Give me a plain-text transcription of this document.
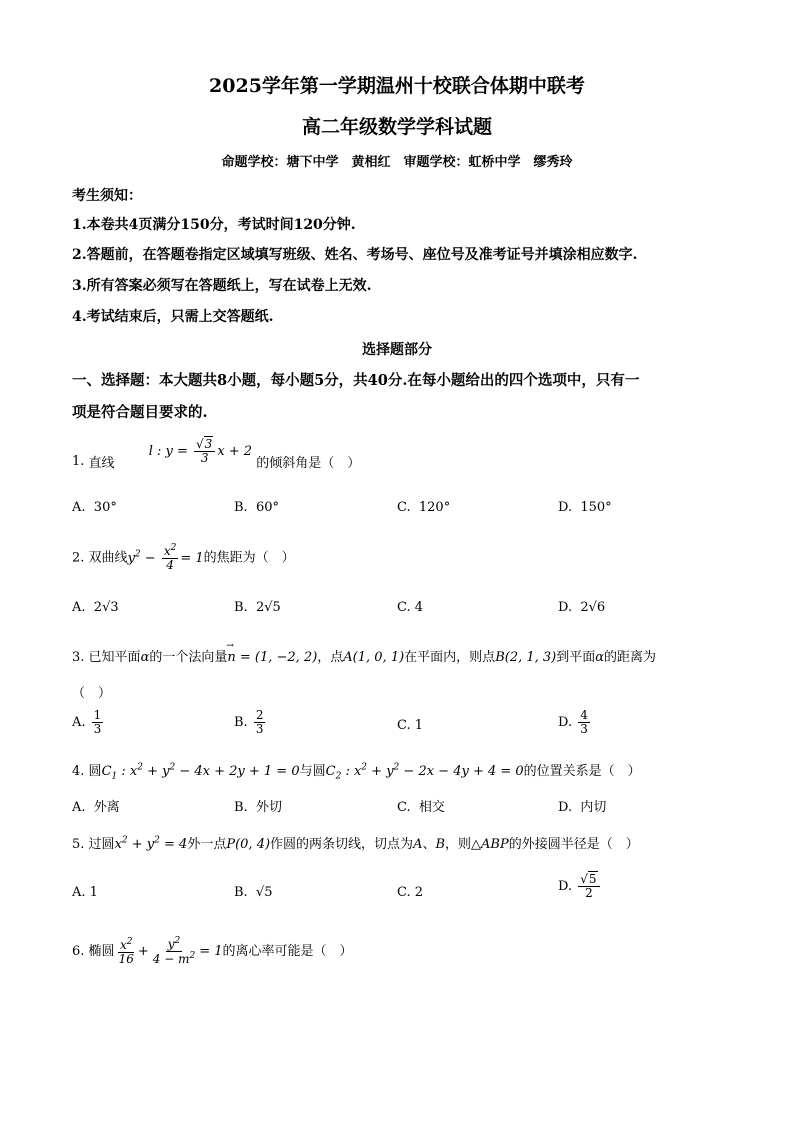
2025学年第一学期温州十校联合体期中联考
高二年级数学学科试题
命题学校：塘下中学　黄相红　审题学校：虹桥中学　缪秀玲
考生须知：
1.本卷共4页满分150分，考试时间120分钟.
2.答题前，在答题卷指定区域填写班级、姓名、考场号、座位号及准考证号并填涂相应数字.
3.所有答案必须写在答题纸上，写在试卷上无效.
4.考试结束后，只需上交答题纸.
选择题部分
一、选择题：本大题共8小题，每小题5分，共40分.在每小题给出的四个选项中，只有一
项是符合题目要求的.
1. 直线 l : $y = \frac{√3}{3}$ x + 2 的倾斜角是（　）
A. 30°	B. 60°	C. 120°	D. 150°
2. 双曲线$y^2 - \frac{x^2}{4} = 1$的焦距为（　）
A. 2√3	B. 2√5	C. 4	D. 2√6
3. 已知平面α的一个法向量→ n = (1, −2, 2)，点A(1, 0, 1)在平面内，则点B(2, 1, 3)到平面α的距离为
（　）
A. $\frac{1}{3}$	B. $\frac{2}{3}$	C. 1	D. $\frac{4}{3}$
4. 圆$C_1$ : $x^2 + y^2 - 4x + 2y + 1 = 0$与圆$C_2$ : $x^2 + y^2 - 2x - 4y + 4 = 0$的位置关系是（　）
A. 外离	B. 外切	C. 相交	D. 内切
5. 过圆$x^2 + y^2 = 4$外一点P(0, 4)作圆的两条切线，切点为A、B，则△ABP的外接圆半径是（　）
A. 1	B. √5	C. 2	D. $\frac{√5}{2}$
6. 椭圆 $\frac{x^2}{16} + \frac{y^2}{4 - m^2} = 1$的离心率可能是（　）
